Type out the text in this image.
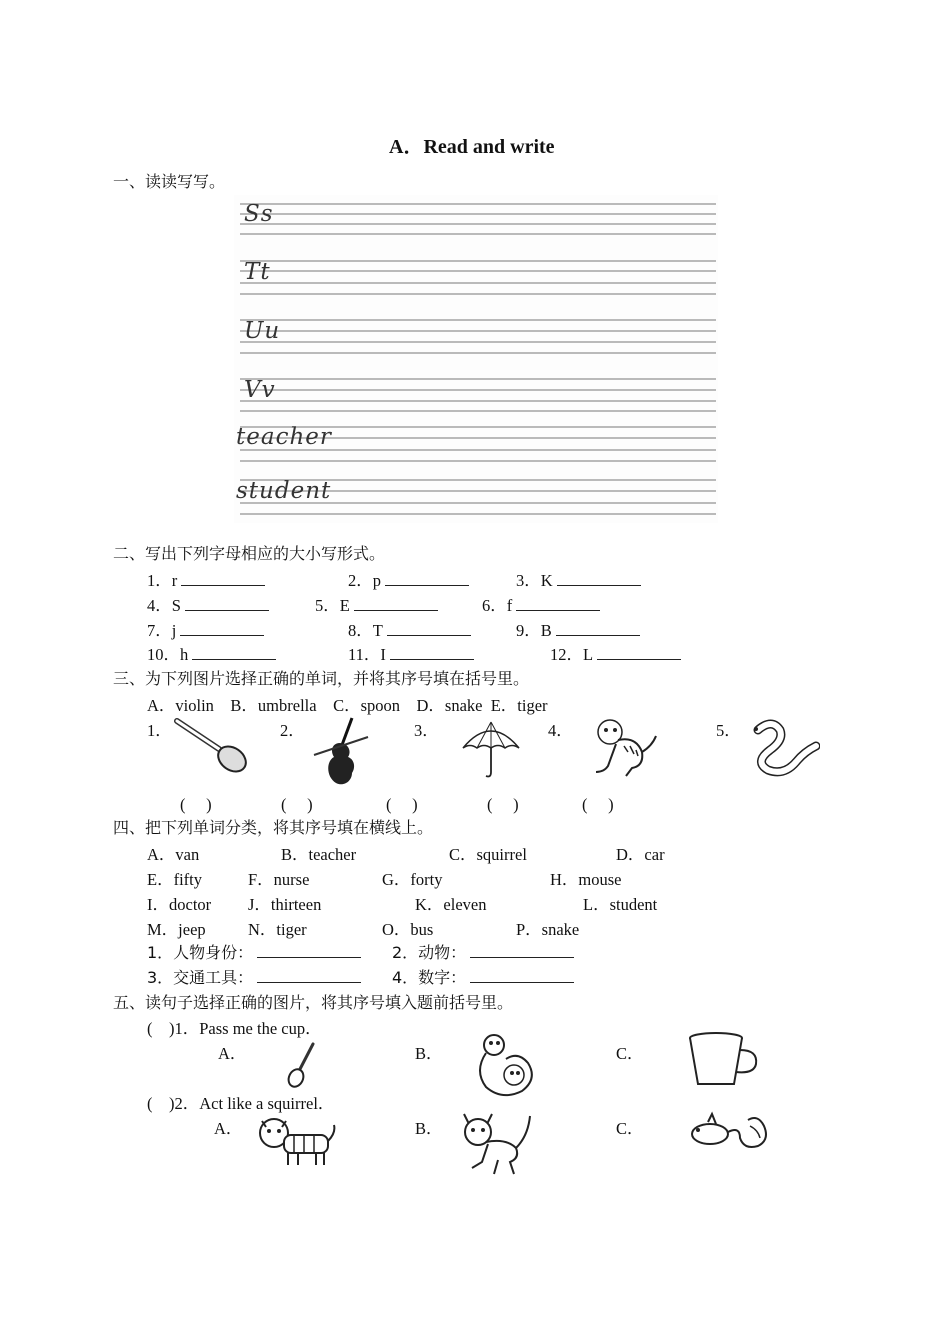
A．Read and write
一、读读写写。
Ss
Tt
Uu
Vv
teacher
student
二、写出下列字母相应的大小写形式。
1．r	2．p	3．K
4．S	5．E	6．f
7．j	8．T	9．B
10．h	11．I	12．L
三、为下列图片选择正确的单词，并将其序号填在括号里。
A．violin　B．umbrella　C．spoon　D．snake  E．tiger
1．	2．	3．	4．	5．
(　 )	(　 )	(　 )	(　 )	(　 )
四、把下列单词分类，将其序号填在横线上。
A．van	B．teacher	C．squirrel	D．car
E．fifty	F．nurse	G．forty	H．mouse
I．doctor J．thirteen	K．eleven	L．student
M．jeep	N．tiger	O．bus	P．snake
1．人物身份：	2．动物：
3．交通工具：	4．数字：
五、读句子选择正确的图片，将其序号填入题前括号里。
(　)1．Pass me the cup．
A．	B．	C．
(　)2．Act like a squirrel．
A．	B．	C．
